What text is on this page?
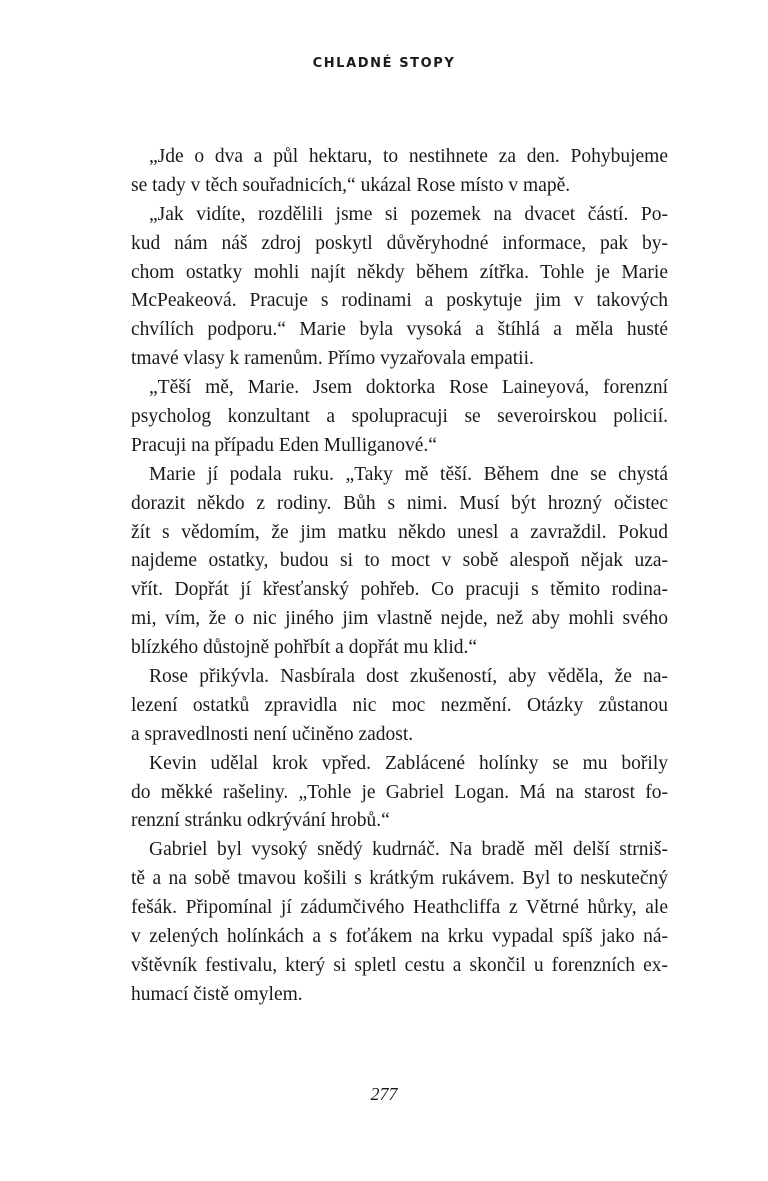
CHLADNÉ STOPY
„Jde o dva a půl hektaru, to nestihnete za den. Pohybujeme
se tady v těch souřadnicích,“ ukázal Rose místo v mapě.
„Jak vidíte, rozdělili jsme si pozemek na dvacet částí. Po-
kud nám náš zdroj poskytl důvěryhodné informace, pak by-
chom ostatky mohli najít někdy během zítřka. Tohle je Marie
McPeakeová. Pracuje s rodinami a poskytuje jim v takových
chvílích podporu.“ Marie byla vysoká a štíhlá a měla husté
tmavé vlasy k ramenům. Přímo vyzařovala empatii.
„Těší mě, Marie. Jsem doktorka Rose Laineyová, forenzní
psycholog konzultant a spolupracuji se severoirskou policií.
Pracuji na případu Eden Mulliganové.“
Marie jí podala ruku. „Taky mě těší. Během dne se chystá
dorazit někdo z rodiny. Bůh s nimi. Musí být hrozný očistec
žít s vědomím, že jim matku někdo unesl a zavraždil. Pokud
najdeme ostatky, budou si to moct v sobě alespoň nějak uza-
vřít. Dopřát jí křesťanský pohřeb. Co pracuji s těmito rodina-
mi, vím, že o nic jiného jim vlastně nejde, než aby mohli svého
blízkého důstojně pohřbít a dopřát mu klid.“
Rose přikývla. Nasbírala dost zkušeností, aby věděla, že na-
lezení ostatků zpravidla nic moc nezmění. Otázky zůstanou
a spravedlnosti není učiněno zadost.
Kevin udělal krok vpřed. Zablácené holínky se mu bořily
do měkké rašeliny. „Tohle je Gabriel Logan. Má na starost fo-
renzní stránku odkrývání hrobů.“
Gabriel byl vysoký snědý kudrnáč. Na bradě měl delší strniš-
tě a na sobě tmavou košili s krátkým rukávem. Byl to neskutečný
fešák. Připomínal jí zádumčivého Heathcliffa z Větrné hůrky, ale
v zelených holínkách a s foťákem na krku vypadal spíš jako ná-
vštěvník festivalu, který si spletl cestu a skončil u forenzních ex-
humací čistě omylem.
277
